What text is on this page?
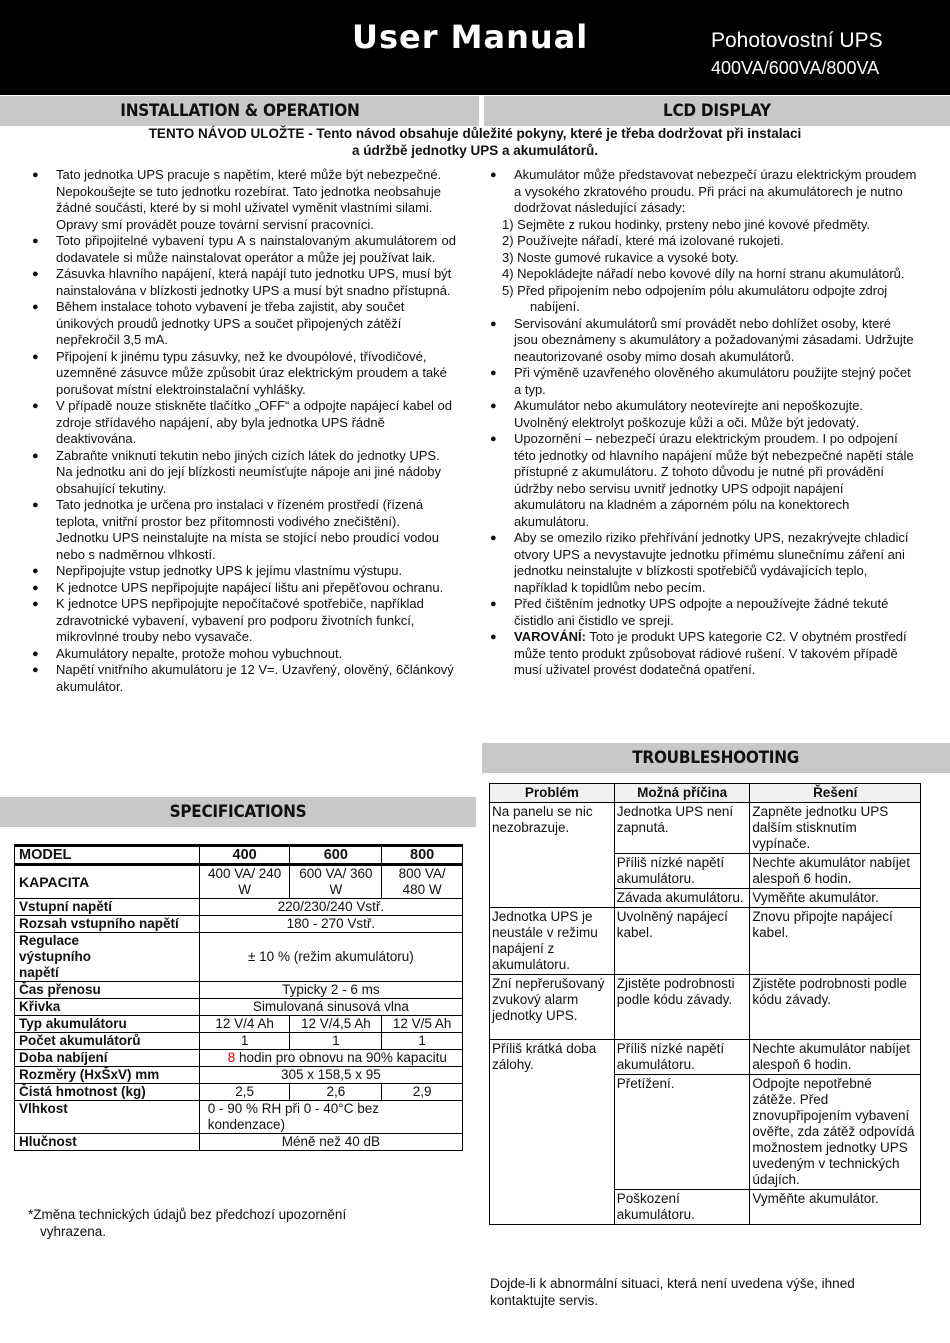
User Manual	Pohotovostní UPS
400VA/600VA/800VA
INSTALLATION & OPERATION	LCD DISPLAY
TENTO NÁVOD ULOŽTE - Tento návod obsahuje důležité pokyny, které je třeba dodržovat při instalaci
a údržbě jednotky UPS a akumulátorů.
● Tato jednotka UPS pracuje s napětím, které může být nebezpečné. Nepokoušejte se tuto jednotku rozebírat. Tato jednotka neobsahuje žádné součásti, které by si mohl uživatel vyměnit vlastními silami. Opravy smí provádět pouze tovární servisní pracovníci.
● Toto připojitelné vybavení typu A s nainstalovaným akumulátorem od dodavatele si může nainstalovat operátor a může jej používat laik.
● Zásuvka hlavního napájení, která napájí tuto jednotku UPS, musí být nainstalována v blízkosti jednotky UPS a musí být snadno přístupná.
● Během instalace tohoto vybavení je třeba zajistit, aby součet únikových proudů jednotky UPS a součet připojených zátěží nepřekročil 3,5 mA.
● Připojení k jinému typu zásuvky, než ke dvoupólové, třívodičové, uzemněné zásuvce může způsobit úraz elektrickým proudem a také porušovat místní elektroinstalační vyhlášky.
● V případě nouze stiskněte tlačítko „OFF“ a odpojte napájecí kabel od zdroje střídavého napájení, aby byla jednotka UPS řádně deaktivována.
● Zabraňte vniknutí tekutin nebo jiných cizích látek do jednotky UPS. Na jednotku ani do její blízkosti neumísťujte nápoje ani jiné nádoby obsahující tekutiny.
● Tato jednotka je určena pro instalaci v řízeném prostředí (řízená teplota, vnitřní prostor bez přítomnosti vodivého znečištění). Jednotku UPS neinstalujte na místa se stojící nebo proudící vodou nebo s nadměrnou vlhkostí.
● Nepřipojujte vstup jednotky UPS k jejímu vlastnímu výstupu.
● K jednotce UPS nepřipojujte napájecí lištu ani přepěťovou ochranu.
● K jednotce UPS nepřipojujte nepočítačové spotřebiče, například zdravotnické vybavení, vybavení pro podporu životních funkcí, mikrovlnné trouby nebo vysavače.
● Akumulátory nepalte, protože mohou vybuchnout.
● Napětí vnitřního akumulátoru je 12 V=. Uzavřený, olověný, 6článkový akumulátor.
● Akumulátor může představovat nebezpečí úrazu elektrickým proudem a vysokého zkratového proudu. Při práci na akumulátorech je nutno dodržovat následující zásady:
1) Sejměte z rukou hodinky, prsteny nebo jiné kovové předměty.
2) Používejte nářadí, které má izolované rukojeti.
3) Noste gumové rukavice a vysoké boty.
4) Nepokládejte nářadí nebo kovové díly na horní stranu akumulátorů.
5) Před připojením nebo odpojením pólu akumulátoru odpojte zdroj nabíjení.
● Servisování akumulátorů smí provádět nebo dohlížet osoby, které jsou obeznámeny s akumulátory a požadovanými zásadami. Udržujte neautorizované osoby mimo dosah akumulátorů.
● Při výměně uzavřeného olověného akumulátoru použijte stejný počet a typ.
● Akumulátor nebo akumulátory neotevírejte ani nepoškozujte. Uvolněný elektrolyt poškozuje kůži a oči. Může být jedovatý.
● Upozornění – nebezpečí úrazu elektrickým proudem. I po odpojení této jednotky od hlavního napájení může být nebezpečné napětí stále přístupné z akumulátoru. Z tohoto důvodu je nutné při provádění údržby nebo servisu uvnitř jednotky UPS odpojit napájení akumulátoru na kladném a záporném pólu na konektorech akumulátoru.
● Aby se omezilo riziko přehřívání jednotky UPS, nezakrývejte chladicí otvory UPS a nevystavujte jednotku přímému slunečnímu záření ani jednotku neinstalujte v blízkosti spotřebičů vydávajících teplo, například k topidlům nebo pecím.
● Před čištěním jednotky UPS odpojte a nepoužívejte žádné tekuté čistidlo ani čistidlo ve spreji.
● VAROVÁNÍ: Toto je produkt UPS kategorie C2. V obytném prostředí může tento produkt způsobovat rádiové rušení. V takovém případě musí uživatel provést dodatečná opatření.
SPECIFICATIONS
MODEL	400	600	800
KAPACITA	400 VA/ 240 W	600 VA/ 360 W	800 VA/ 480 W
Vstupní napětí	220/230/240 Vstř.		
Rozsah vstupního napětí	180 - 270 Vstř.		
Regulace výstupního napětí	± 10 % (režim akumulátoru)		
Čas přenosu	Typicky 2 - 6 ms		
Křivka	Simulovaná sinusová vlna		
Typ akumulátoru	12 V/4 Ah	12 V/4,5 Ah	12 V/5 Ah
Počet akumulátorů	1	1	1
Doba nabíjení	8 hodin pro obnovu na 90% kapacitu		
Rozměry (HxŠxV) mm	305 x 158,5 x 95		
Čistá hmotnost (kg)	2,5	2,6	2,9
Vlhkost	0 - 90 % RH při 0 - 40°C bez kondenzace)		
Hlučnost	Méně než 40 dB		
*Změna technických údajů bez předchozí upozornění vyhrazena.
TROUBLESHOOTING
Problém	Možná příčina	Řešení
Na panelu se nic nezobrazuje.	Jednotka UPS není zapnutá.	Zapněte jednotku UPS dalším stisknutím vypínače.
	Příliš nízké napětí akumulátoru.	Nechte akumulátor nabíjet alespoň 6 hodin.
	Závada akumulátoru.	Vyměňte akumulátor.
Jednotka UPS je neustále v režimu napájení z akumulátoru.	Uvolněný napájecí kabel.	Znovu připojte napájecí kabel.
Zní nepřerušovaný zvukový alarm jednotky UPS.	Zjistěte podrobnosti podle kódu závady.	Zjistěte podrobnosti podle kódu závady.
Příliš krátká doba zálohy.	Příliš nízké napětí akumulátoru.	Nechte akumulátor nabíjet alespoň 6 hodin.
	Přetížení.	Odpojte nepotřebné zátěže. Před znovupřipojením vybavení ověřte, zda zátěž odpovídá možnostem jednotky UPS uvedeným v technických údajích.
	Poškození akumulátoru.	Vyměňte akumulátor.
Dojde-li k abnormální situaci, která není uvedena výše, ihned kontaktujte servis.
